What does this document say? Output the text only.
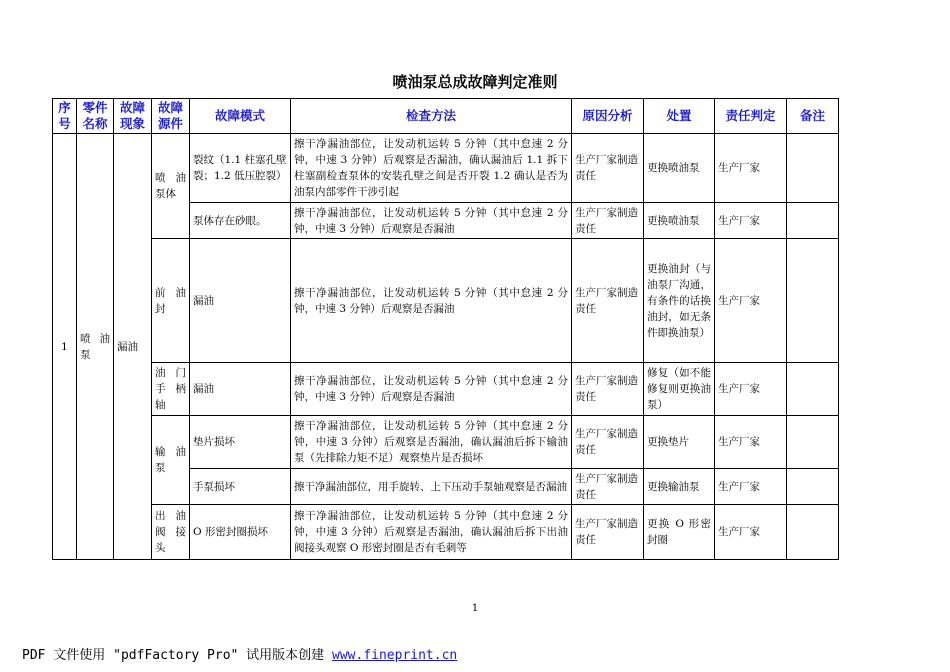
喷油泵总成故障判定准则
序号	零件名称	故障现象	故障源件	故障模式	检查方法	原因分析	处置	责任判定	备注
1	喷油泵	漏油	喷油泵体	裂纹（1.1 柱塞孔壁裂；1.2 低压腔裂）	擦干净漏油部位，让发动机运转 5 分钟（其中怠速 2 分钟，中速 3 分钟）后观察是否漏油，确认漏油后 1.1 拆下柱塞副检查泵体的安装孔壁之间是否开裂 1.2 确认是否为油泵内部零件干涉引起	生产厂家制造责任	更换喷油泵	生产厂家	
				泵体存在砂眼。	擦干净漏油部位，让发动机运转 5 分钟（其中怠速 2 分钟，中速 3 分钟）后观察是否漏油	生产厂家制造责任	更换喷油泵	生产厂家	
			前油封	漏油	擦干净漏油部位，让发动机运转 5 分钟（其中怠速 2 分钟，中速 3 分钟）后观察是否漏油	生产厂家制造责任	更换油封（与油泵厂沟通，有条件的话换油封，如无条件即换油泵）	生产厂家	
			油门手柄轴	漏油	擦干净漏油部位，让发动机运转 5 分钟（其中怠速 2 分钟，中速 3 分钟）后观察是否漏油	生产厂家制造责任	修复（如不能修复则更换油泵）	生产厂家	
			输油泵	垫片损坏	擦干净漏油部位，让发动机运转 5 分钟（其中怠速 2 分钟，中速 3 分钟）后观察是否漏油，确认漏油后拆下输油泵（先排除力矩不足）观察垫片是否损坏	生产厂家制造责任	更换垫片	生产厂家	
				手泵损坏	擦干净漏油部位，用手旋转、上下压动手泵轴观察是否漏油	生产厂家制造责任	更换输油泵	生产厂家	
			出油阀接头	O 形密封圈损坏	擦干净漏油部位，让发动机运转 5 分钟（其中怠速 2 分钟，中速 3 分钟）后观察是否漏油，确认漏油后拆下出油阀接头观察 O 形密封圈是否有毛刺等	生产厂家制造责任	更换 O 形密封圈	生产厂家	
1
PDF 文件使用 "pdfFactory Pro" 试用版本创建 www.fineprint.cn
